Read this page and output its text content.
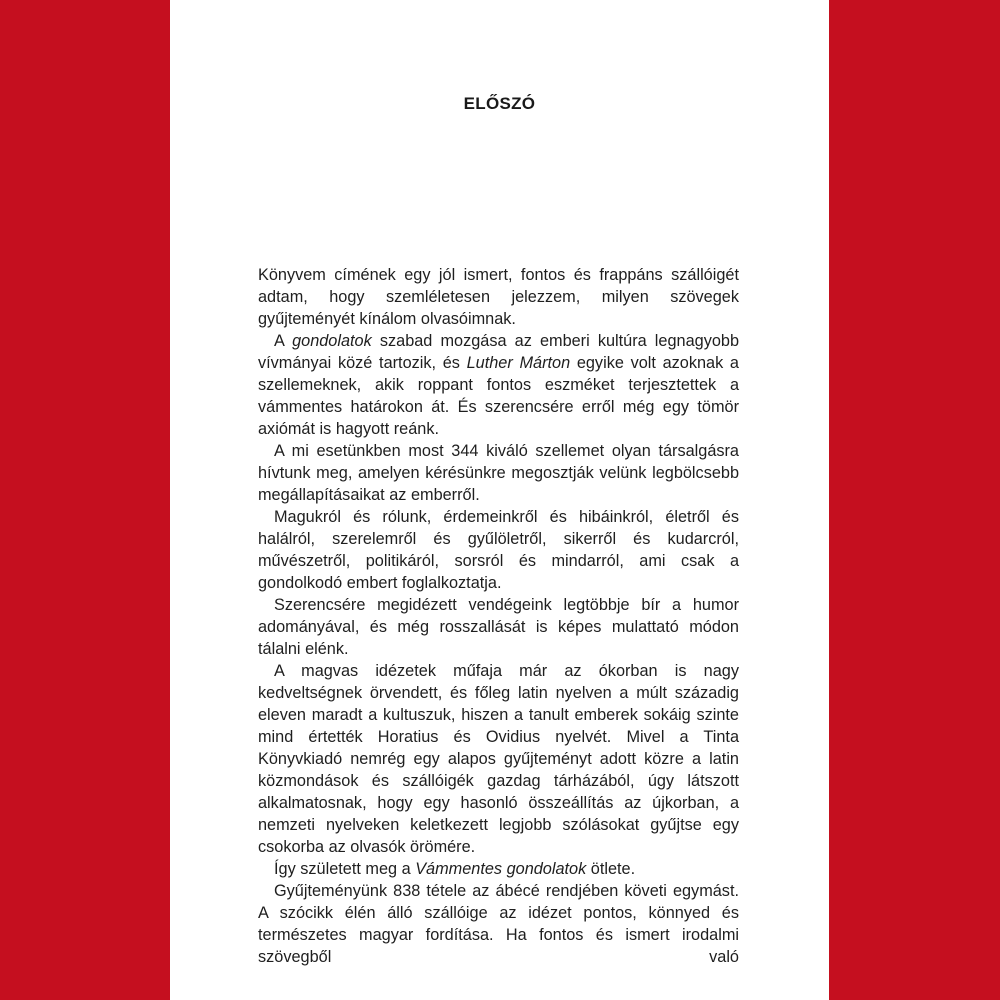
ELŐSZÓ

Könyvem címének egy jól ismert, fontos és frappáns szállóigét adtam, hogy szemléletesen jelezzem, milyen szövegek gyűjteményét kínálom olvasóimnak.

A gondolatok szabad mozgása az emberi kultúra legnagyobb vívmányai közé tartozik, és Luther Márton egyike volt azoknak a szellemeknek, akik roppant fontos eszméket terjesztettek a vámmentes határokon át. És szerencsére erről még egy tömör axiómát is hagyott reánk.

A mi esetünkben most 344 kiváló szellemet olyan társalgásra hívtunk meg, amelyen kérésünkre megosztják velünk legbölcsebb megállapításaikat az emberről.

Magukról és rólunk, érdemeinkről és hibáinkról, életről és halálról, szerelemről és gyűlöletről, sikerről és kudarcról, művészetről, politikáról, sorsról és mindarról, ami csak a gondolkodó embert foglalkoztatja.

Szerencsére megidézett vendégeink legtöbbje bír a humor adományával, és még rosszallását is képes mulattató módon tálalni elénk.

A magvas idézetek műfaja már az ókorban is nagy kedveltségnek örvendett, és főleg latin nyelven a múlt századig eleven maradt a kultuszuk, hiszen a tanult emberek sokáig szinte mind értették Horatius és Ovidius nyelvét. Mivel a Tinta Könyvkiadó nemrég egy alapos gyűjteményt adott közre a latin közmondások és szállóigék gazdag tárházából, úgy látszott alkalmatosnak, hogy egy hasonló összeállítás az újkorban, a nemzeti nyelveken keletkezett legjobb szólásokat gyűjtse egy csokorba az olvasók örömére.

Így született meg a Vámmentes gondolatok ötlete.

Gyűjteményünk 838 tétele az ábécé rendjében követi egymást. A szócikk élén álló szállóige az idézet pontos, könnyed és természetes magyar fordítása. Ha fontos és ismert irodalmi szövegből való
